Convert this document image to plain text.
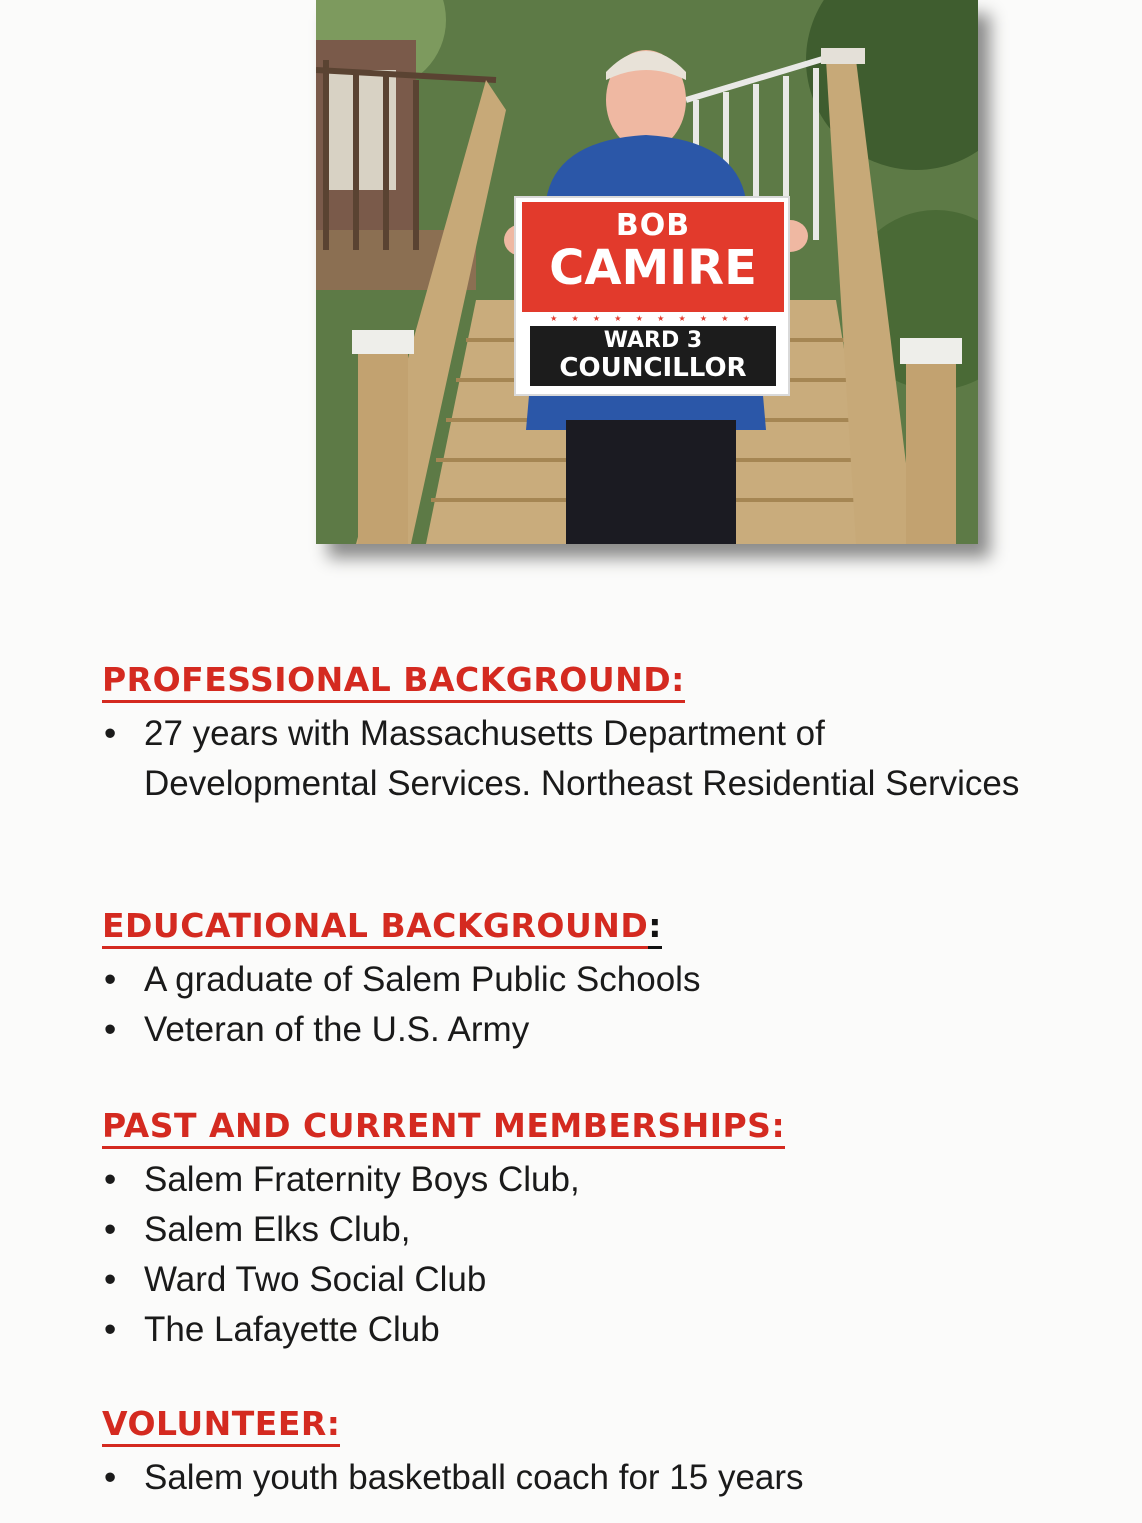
BOB
CAMIRE
★ ★ ★ ★ ★ ★ ★ ★ ★ ★
WARD 3
COUNCILLOR
PROFESSIONAL BACKGROUND:
• 27 years with Massachusetts Department of Developmental Services. Northeast Residential Services
EDUCATIONAL BACKGROUND:
• A graduate of Salem Public Schools
• Veteran of the U.S. Army
PAST AND CURRENT MEMBERSHIPS:
• Salem Fraternity Boys Club,
• Salem Elks Club,
• Ward Two Social Club
• The Lafayette Club
VOLUNTEER:
• Salem youth basketball coach for 15 years
